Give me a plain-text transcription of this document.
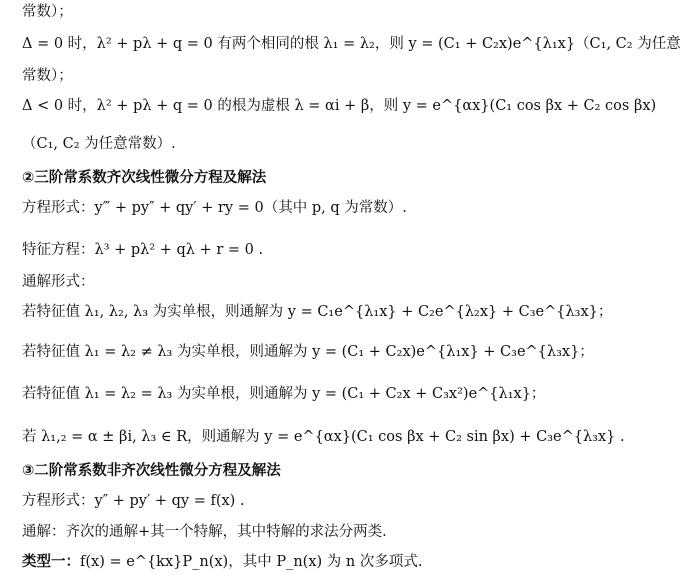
常数）；
Δ = 0 时，λ² + pλ + q = 0 有两个相同的根 λ₁ = λ₂，则 y = (C₁ + C₂x)e^{λ₁x}（C₁, C₂ 为任意
常数）；
Δ < 0 时，λ² + pλ + q = 0 的根为虚根 λ = αi + β，则 y = e^{αx}(C₁ cos βx + C₂ cos βx)
（C₁, C₂ 为任意常数）.
②三阶常系数齐次线性微分方程及解法
方程形式：y‴ + py″ + qy′ + ry = 0（其中 p, q 为常数）.
特征方程：λ³ + pλ² + qλ + r = 0 .
通解形式：
若特征值 λ₁, λ₂, λ₃ 为实单根，则通解为 y = C₁e^{λ₁x} + C₂e^{λ₂x} + C₃e^{λ₃x}；
若特征值 λ₁ = λ₂ ≠ λ₃ 为实单根，则通解为 y = (C₁ + C₂x)e^{λ₁x} + C₃e^{λ₃x}；
若特征值 λ₁ = λ₂ = λ₃ 为实单根，则通解为 y = (C₁ + C₂x + C₃x²)e^{λ₁x}；
若 λ₁,₂ = α ± βi, λ₃ ∈ R，则通解为 y = e^{αx}(C₁ cos βx + C₂ sin βx) + C₃e^{λ₃x} .
③二阶常系数非齐次线性微分方程及解法
方程形式：y″ + py′ + qy = f(x) .
通解：齐次的通解+其一个特解，其中特解的求法分两类.
类型一：f(x) = e^{kx}P_n(x)，其中 P_n(x) 为 n 次多项式.
